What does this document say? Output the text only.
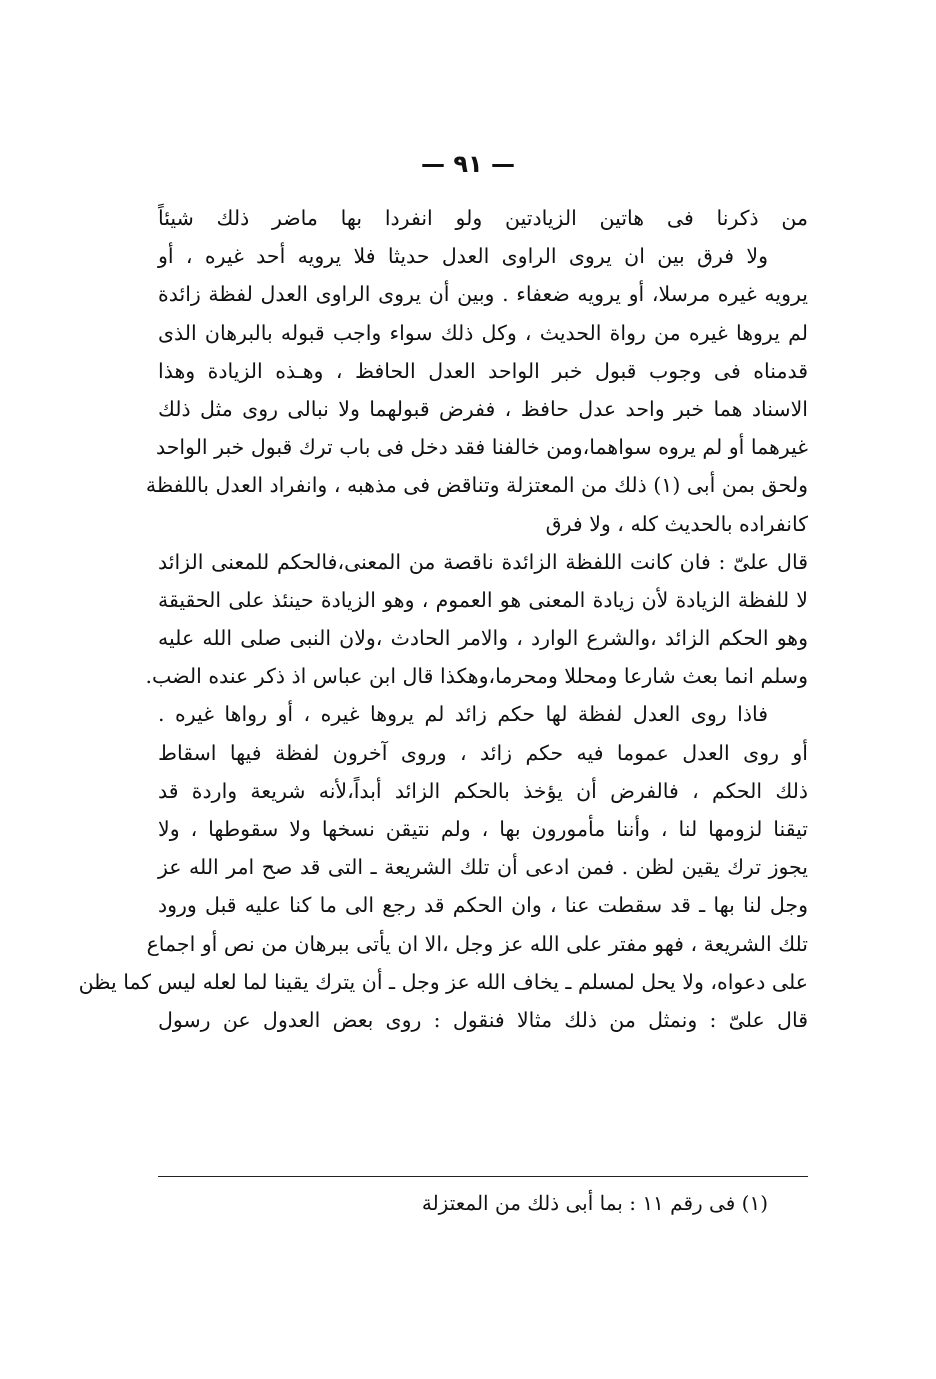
— ٩١ —
من ذكرنا فى هاتين الزيادتين ولو انفردا بها ماضر ذلك شيئاً
ولا فرق بين ان يروى الراوى العدل حديثا فلا يرويه أحد غيره ، أو
يرويه غيره مرسلا، أو يرويه ضعفاء . وبين أن يروى الراوى العدل لفظة زائدة
لم يروها غيره من رواة الحديث ، وكل ذلك سواء واجب قبوله بالبرهان الذى
قدمناه فى وجوب قبول خبر الواحد العدل الحافظ ، وهـذه الزيادة وهذا
الاسناد هما خبر واحد عدل حافظ ، ففرض قبولهما ولا نبالى روى مثل ذلك
غيرهما أو لم يروه سواهما،ومن خالفنا فقد دخل فى باب ترك قبول خبر الواحد
ولحق بمن أبى (١) ذلك من المعتزلة وتناقض فى مذهبه ، وانفراد العدل باللفظة
كانفراده بالحديث كله ، ولا فرق
قال علىّ : فان كانت اللفظة الزائدة ناقصة من المعنى،فالحكم للمعنى الزائد
لا للفظة الزيادة لأن زيادة المعنى هو العموم ، وهو الزيادة حينئذ على الحقيقة
وهو الحكم الزائد ،والشرع الوارد ، والامر الحادث ،ولان النبى صلى الله عليه
وسلم انما بعث شارعا ومحللا ومحرما،وهكذا قال ابن عباس اذ ذكر عنده الضب.
فاذا روى العدل لفظة لها حكم زائد لم يروها غيره ، أو رواها غيره .
أو روى العدل عموما فيه حكم زائد ، وروى آخرون لفظة فيها اسقاط
ذلك الحكم ، فالفرض أن يؤخذ بالحكم الزائد أبداً،لأنه شريعة واردة قد
تيقنا لزومها لنا ، وأننا مأمورون بها ، ولم نتيقن نسخها ولا سقوطها ، ولا
يجوز ترك يقين لظن . فمن ادعى أن تلك الشريعة ـ التى قد صح امر الله عز
وجل لنا بها ـ قد سقطت عنا ، وان الحكم قد رجع الى ما كنا عليه قبل ورود
تلك الشريعة ، فهو مفتر على الله عز وجل ،الا ان يأتى ببرهان من نص أو اجماع
على دعواه، ولا يحل لمسلم ـ يخاف الله عز وجل ـ أن يترك يقينا لما لعله ليس كما يظن
قال علىّ : ونمثل من ذلك مثالا فنقول : روى بعض العدول عن رسول
(١) فى رقم ١١ : بما أبى ذلك من المعتزلة
